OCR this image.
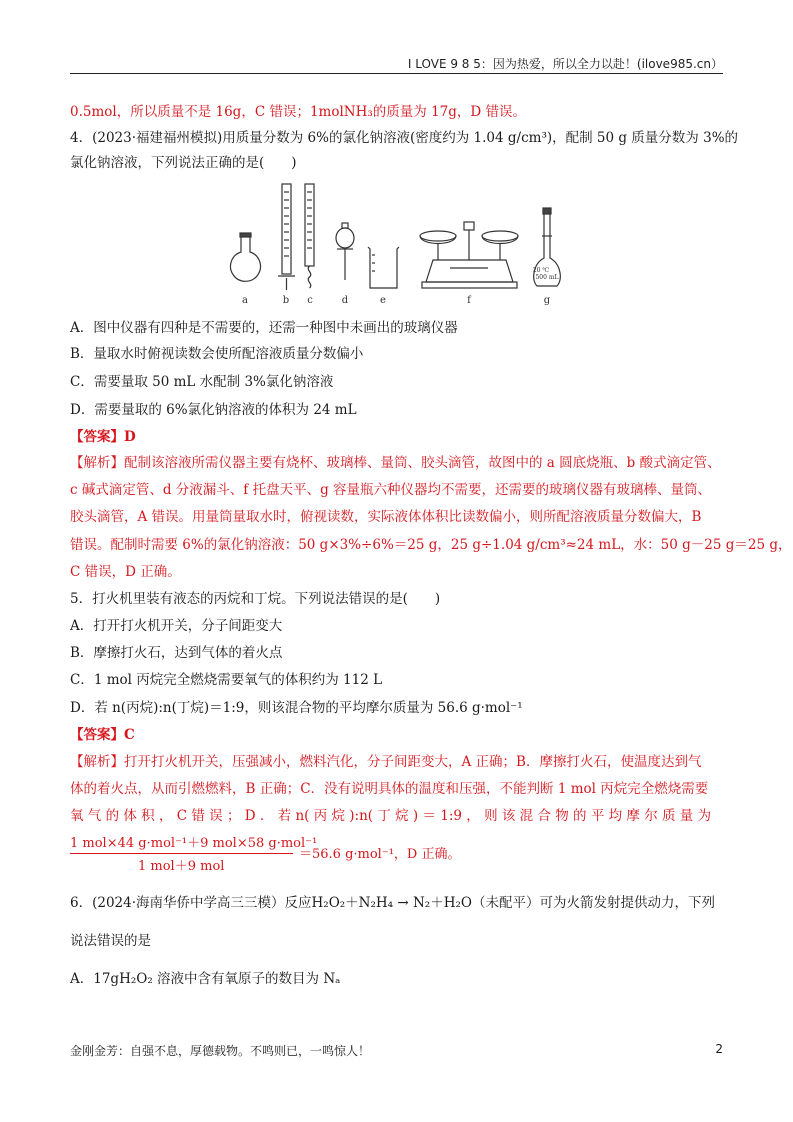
I LOVE 9 8 5：因为热爱，所以全力以赴！(ilove985.cn）
0.5mol，所以质量不是 16g，C 错误；1molNH₃的质量为 17g，D 错误。
4．(2023·福建福州模拟)用质量分数为 6%的氯化钠溶液(密度约为 1.04 g/cm³)，配制 50 g 质量分数为 3%的
氯化钠溶液，下列说法正确的是(　　)
20 ℃
500 mL
a	b c	d	e	f	g
A．图中仪器有四种是不需要的，还需一种图中未画出的玻璃仪器
B．量取水时俯视读数会使所配溶液质量分数偏小
C．需要量取 50 mL 水配制 3%氯化钠溶液
D．需要量取的 6%氯化钠溶液的体积为 24 mL
【答案】D
【解析】配制该溶液所需仪器主要有烧杯、玻璃棒、量筒、胶头滴管，故图中的 a 圆底烧瓶、b 酸式滴定管、
c 碱式滴定管、d 分液漏斗、f 托盘天平、g 容量瓶六种仪器均不需要，还需要的玻璃仪器有玻璃棒、量筒、
胶头滴管，A 错误。用量筒量取水时，俯视读数，实际液体体积比读数偏小，则所配溶液质量分数偏大，B
错误。配制时需要 6%的氯化钠溶液：50 g×3%÷6%＝25 g，25 g÷1.04 g/cm³≈24 mL，水：50 g－25 g＝25 g，
C 错误，D 正确。
5．打火机里装有液态的丙烷和丁烷。下列说法错误的是(　　)
A．打开打火机开关，分子间距变大
B．摩擦打火石，达到气体的着火点
C．1 mol 丙烷完全燃烧需要氧气的体积约为 112 L
D．若 n(丙烷):n(丁烷)＝1:9，则该混合物的平均摩尔质量为 56.6 g·mol⁻¹
【答案】C
【解析】打开打火机开关，压强减小，燃料汽化，分子间距变大，A 正确；B．摩擦打火石，使温度达到气
体的着火点，从而引燃燃料，B 正确；C．没有说明具体的温度和压强，不能判断 1 mol 丙烷完全燃烧需要
氧 气 的 体 积 ， C 错 误 ； D ． 若 n( 丙 烷 ):n( 丁 烷 ) ＝ 1:9 ， 则 该 混 合 物 的 平 均 摩 尔 质 量 为
1 mol×44 g·mol⁻¹＋9 mol×58 g·mol⁻¹
1 mol＋9 mol
＝56.6 g·mol⁻¹，D 正确。
6．(2024·海南华侨中学高三三模）反应H₂O₂＋N₂H₄ → N₂＋H₂O（未配平）可为火箭发射提供动力，下列
说法错误的是
A．17gH₂O₂ 溶液中含有氧原子的数目为 Nₐ
金刚金芳：自强不息，厚德载物。不鸣则已，一鸣惊人！	2
